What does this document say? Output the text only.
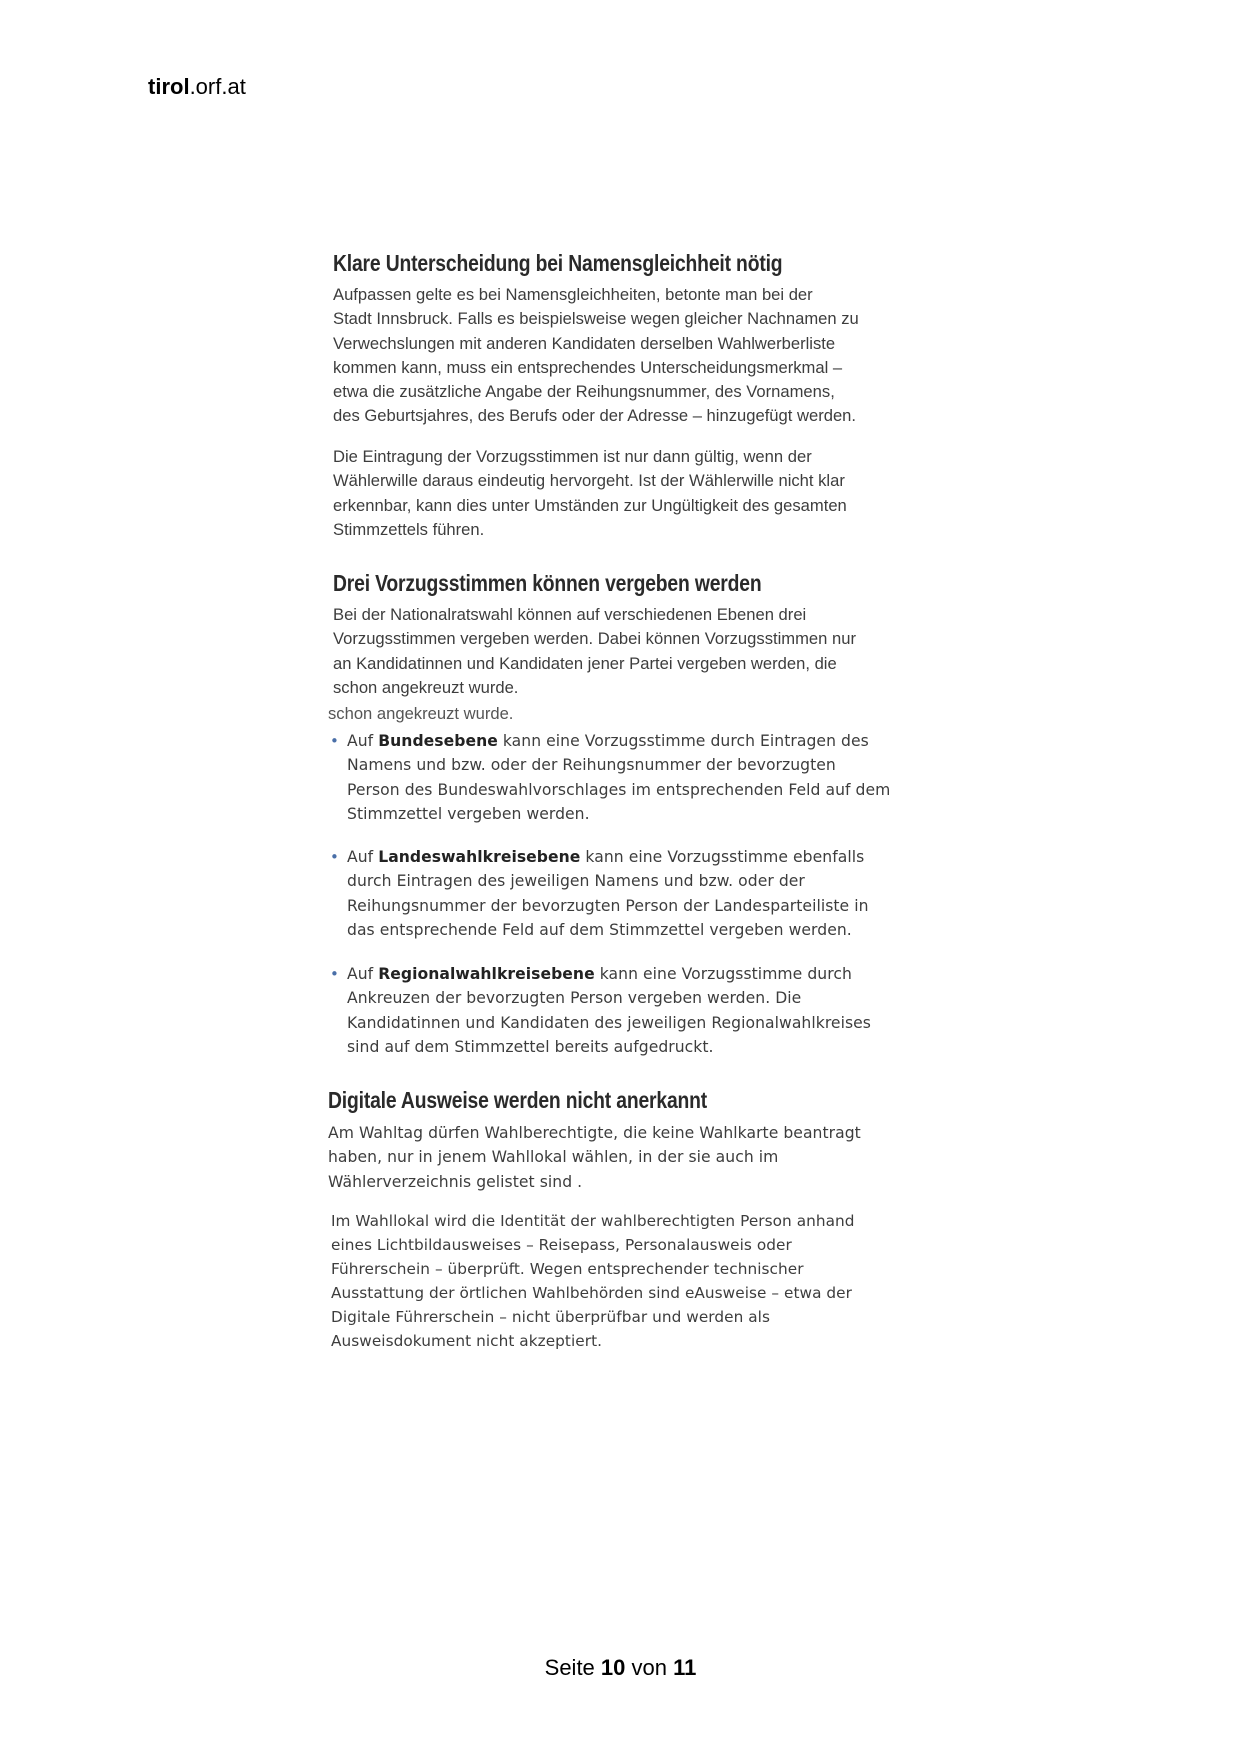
tirol.orf.at
Klare Unterscheidung bei Namensgleichheit nötig
Aufpassen gelte es bei Namensgleichheiten, betonte man bei der
Stadt Innsbruck. Falls es beispielsweise wegen gleicher Nachnamen zu
Verwechslungen mit anderen Kandidaten derselben Wahlwerberliste
kommen kann, muss ein entsprechendes Unterscheidungsmerkmal –
etwa die zusätzliche Angabe der Reihungsnummer, des Vornamens,
des Geburtsjahres, des Berufs oder der Adresse – hinzugefügt werden.
Die Eintragung der Vorzugsstimmen ist nur dann gültig, wenn der
Wählerwille daraus eindeutig hervorgeht. Ist der Wählerwille nicht klar
erkennbar, kann dies unter Umständen zur Ungültigkeit des gesamten
Stimmzettels führen.
Drei Vorzugsstimmen können vergeben werden
Bei der Nationalratswahl können auf verschiedenen Ebenen drei
Vorzugsstimmen vergeben werden. Dabei können Vorzugsstimmen nur
an Kandidatinnen und Kandidaten jener Partei vergeben werden, die
schon angekreuzt wurde.
schon angekreuzt wurde.
• Auf Bundesebene kann eine Vorzugsstimme durch Eintragen des
Namens und bzw. oder der Reihungsnummer der bevorzugten
Person des Bundeswahlvorschlages im entsprechenden Feld auf dem
Stimmzettel vergeben werden.
• Auf Landeswahlkreisebene kann eine Vorzugsstimme ebenfalls
durch Eintragen des jeweiligen Namens und bzw. oder der
Reihungsnummer der bevorzugten Person der Landesparteiliste in
das entsprechende Feld auf dem Stimmzettel vergeben werden.
• Auf Regionalwahlkreisebene kann eine Vorzugsstimme durch
Ankreuzen der bevorzugten Person vergeben werden. Die
Kandidatinnen und Kandidaten des jeweiligen Regionalwahlkreises
sind auf dem Stimmzettel bereits aufgedruckt.
Digitale Ausweise werden nicht anerkannt
Am Wahltag dürfen Wahlberechtigte, die keine Wahlkarte beantragt
haben, nur in jenem Wahllokal wählen, in der sie auch im
Wählerverzeichnis gelistet sind .
Im Wahllokal wird die Identität der wahlberechtigten Person anhand
eines Lichtbildausweises – Reisepass, Personalausweis oder
Führerschein – überprüft. Wegen entsprechender technischer
Ausstattung der örtlichen Wahlbehörden sind eAusweise – etwa der
Digitale Führerschein – nicht überprüfbar und werden als
Ausweisdokument nicht akzeptiert.
Seite 10 von 11
